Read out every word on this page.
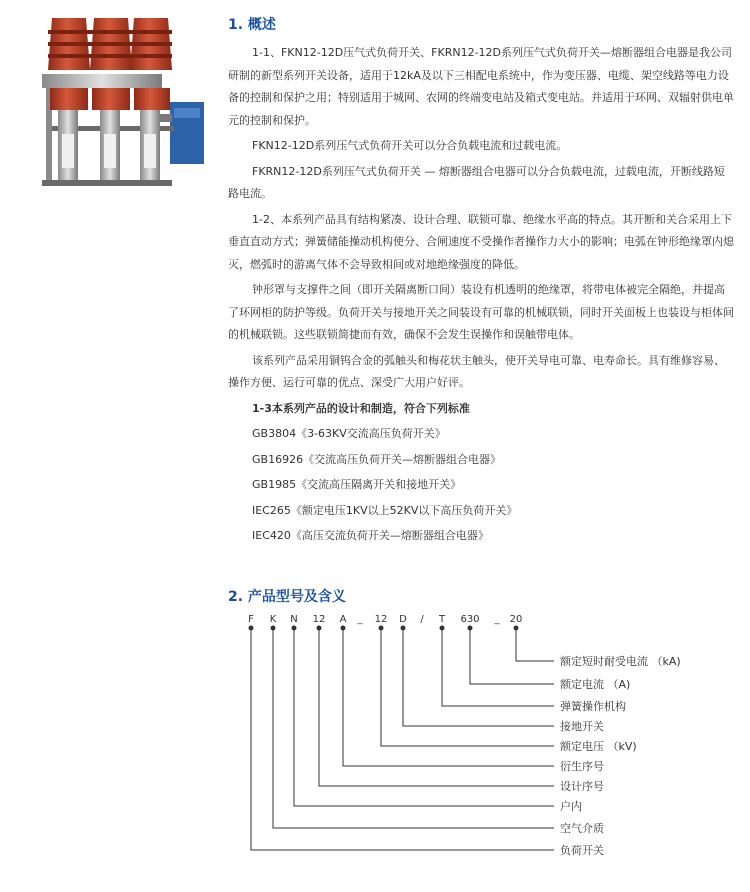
1. 概述

1-1、FKN12-12D压气式负荷开关、FKRN12-12D系列压气式负荷开关—熔断器组合电器是我公司研制的新型系列开关设备，适用于12kA及以下三相配电系统中，作为变压器、电缆、架空线路等电力设备的控制和保护之用；特别适用于城网、农网的终端变电站及箱式变电站。并适用于环网、双辐射供电单元的控制和保护。

FKN12-12D系列压气式负荷开关可以分合负载电流和过载电流。

FKRN12-12D系列压气式负荷开关 — 熔断器组合电器可以分合负载电流，过载电流，开断线路短路电流。

1-2、本系列产品具有结构紧凑、设计合理、联锁可靠、绝缘水平高的特点。其开断和关合采用上下垂直直动方式；弹簧储能操动机构使分、合闸速度不受操作者操作力大小的影响；电弧在钟形绝缘罩内熄灭，燃弧时的游离气体不会导致相间或对地绝缘强度的降低。

钟形罩与支撑件之间（即开关隔离断口间）装设有机透明的绝缘罩，将带电体被完全隔绝，并提高了环网柜的防护等级。负荷开关与接地开关之间装设有可靠的机械联锁，同时开关面板上也装设与柜体间的机械联锁。这些联锁简捷而有效，确保不会发生误操作和误触带电体。

该系列产品采用铜钨合金的弧触头和梅花状主触头，使开关导电可靠、电寿命长。具有维修容易、操作方便、运行可靠的优点、深受广大用户好评。

1-3本系列产品的设计和制造，符合下列标准

GB3804《3-63KV交流高压负荷开关》

GB16926《交流高压负荷开关—熔断器组合电器》

GB1985《交流高压隔离开关和接地开关》

IEC265《额定电压1KV以上52KV以下高压负荷开关》

IEC420《高压交流负荷开关—熔断器组合电器》

2. 产品型号及含义
F K N 12 A _ 12 D / T 630 _ 20
额定短时耐受电流 （kA)
额定电流 （A)
弹簧操作机构
接地开关
额定电压 （kV)
衍生序号
设计序号
户内
空气介质
负荷开关
